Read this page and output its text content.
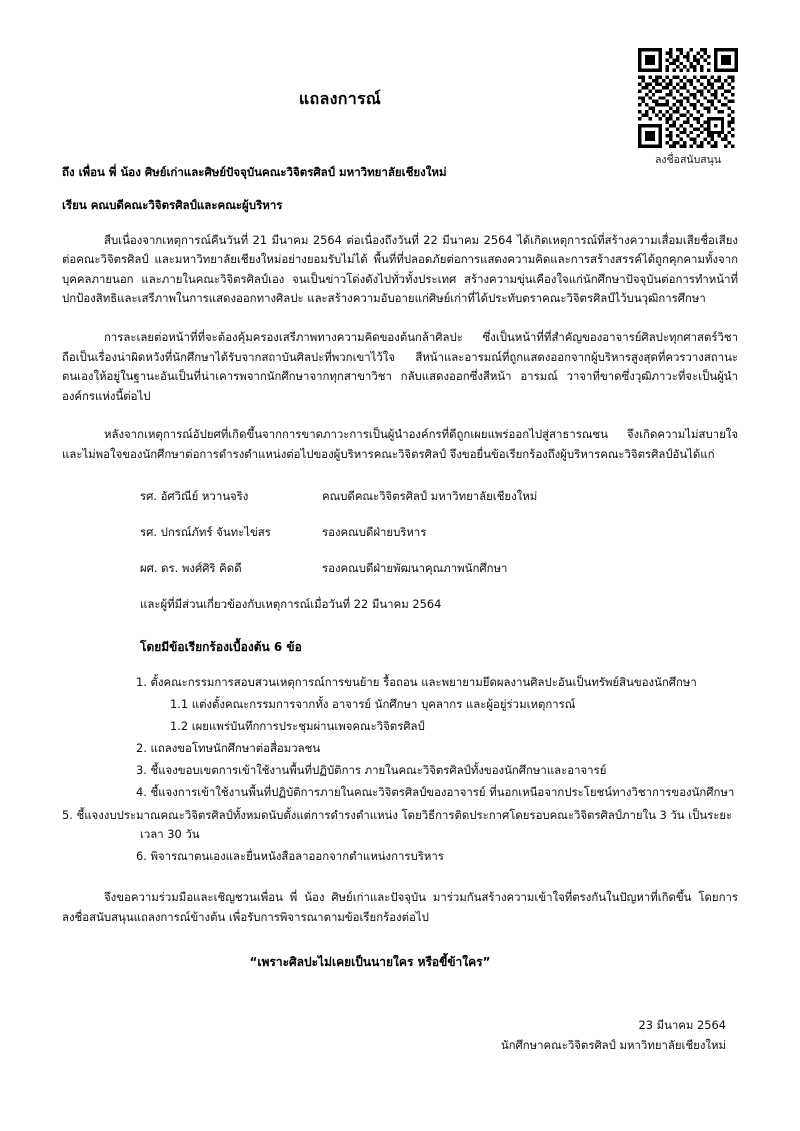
ลงชื่อสนับสนุน
แถลงการณ์

ถึง เพื่อน พี่ น้อง ศิษย์เก่าและศิษย์ปัจจุบันคณะวิจิตรศิลป์ มหาวิทยาลัยเชียงใหม่

เรียน คณบดีคณะวิจิตรศิลป์และคณะผู้บริหาร

สืบเนื่องจากเหตุการณ์คืนวันที่ 21 มีนาคม 2564 ต่อเนื่องถึงวันที่ 22 มีนาคม 2564 ได้เกิดเหตุการณ์ที่สร้างความเสื่อมเสียชื่อเสียงต่อคณะวิจิตรศิลป์ และมหาวิทยาลัยเชียงใหม่อย่างยอมรับไม่ได้ พื้นที่ที่ปลอดภัยต่อการแสดงความคิดและการสร้างสรรค์ได้ถูกคุกคามทั้งจากบุคคลภายนอก และภายในคณะวิจิตรศิลป์เอง จนเป็นข่าวโด่งดังไปทั่วทั้งประเทศ สร้างความขุ่นเคืองใจแก่นักศึกษาปัจจุบันต่อการทำหน้าที่ปกป้องสิทธิและเสรีภาพในการแสดงออกทางศิลปะ และสร้างความอับอายแก่ศิษย์เก่าที่ได้ประทับตราคณะวิจิตรศิลป์ไว้บนวุฒิการศึกษา

การละเลยต่อหน้าที่ที่จะต้องคุ้มครองเสรีภาพทางความคิดของต้นกล้าศิลปะ ซึ่งเป็นหน้าที่ที่สำคัญของอาจารย์ศิลปะทุกศาสตร์วิชา ถือเป็นเรื่องน่าผิดหวังที่นักศึกษาได้รับจากสถาบันศิลปะที่พวกเขาไว้ใจ สีหน้าและอารมณ์ที่ถูกแสดงออกจากผู้บริหารสูงสุดที่ควรวางสถานะตนเองให้อยู่ในฐานะอันเป็นที่น่าเคารพจากนักศึกษาจากทุกสาขาวิชา กลับแสดงออกซึ่งสีหน้า อารมณ์ วาจาที่ขาดซึ่งวุฒิภาวะที่จะเป็นผู้นำองค์กรแห่งนี้ต่อไป

หลังจากเหตุการณ์อัปยศที่เกิดขึ้นจากการขาดภาวะการเป็นผู้นำองค์กรที่ดีถูกเผยแพร่ออกไปสู่สาธารณชน จึงเกิดความไม่สบายใจและไม่พอใจของนักศึกษาต่อการดำรงตำแหน่งต่อไปของผู้บริหารคณะวิจิตรศิลป์ จึงขอยื่นข้อเรียกร้องถึงผู้บริหารคณะวิจิตรศิลป์อันได้แก่

รศ. อัศวิณีย์ หวานจริง	คณบดีคณะวิจิตรศิลป์ มหาวิทยาลัยเชียงใหม่
รศ. ปกรณ์ภัทร์ จันทะไข่สร	รองคณบดีฝ่ายบริหาร
ผศ. ดร. พงศ์ศิริ คิดดี	รองคณบดีฝ่ายพัฒนาคุณภาพนักศึกษา

และผู้ที่มีส่วนเกี่ยวข้องกับเหตุการณ์เมื่อวันที่ 22 มีนาคม 2564

โดยมีข้อเรียกร้องเบื้องต้น 6 ข้อ

1. ตั้งคณะกรรมการสอบสวนเหตุการณ์การขนย้าย รื้อถอน และพยายามยึดผลงานศิลปะอันเป็นทรัพย์สินของนักศึกษา

1.1 แต่งตั้งคณะกรรมการจากทั้ง อาจารย์ นักศึกษา บุคลากร และผู้อยู่ร่วมเหตุการณ์

1.2 เผยแพร่บันทึกการประชุมผ่านเพจคณะวิจิตรศิลป์

2. แถลงขอโทษนักศึกษาต่อสื่อมวลชน

3. ชี้แจงขอบเขตการเข้าใช้งานพื้นที่ปฏิบัติการ ภายในคณะวิจิตรศิลป์ทั้งของนักศึกษาและอาจารย์

4. ชี้แจงการเข้าใช้งานพื้นที่ปฏิบัติการภายในคณะวิจิตรศิลป์ของอาจารย์ ที่นอกเหนือจากประโยชน์ทางวิชาการของนักศึกษา

5. ชี้แจงงบประมาณคณะวิจิตรศิลป์ทั้งหมดนับตั้งแต่การดำรงตำแหน่ง โดยวิธีการติดประกาศโดยรอบคณะวิจิตรศิลป์ภายใน 3 วัน เป็นระยะเวลา 30 วัน

6. พิจารณาตนเองและยื่นหนังสือลาออกจากตำแหน่งการบริหาร

จึงขอความร่วมมือและเชิญชวนเพื่อน พี่ น้อง ศิษย์เก่าและปัจจุบัน มาร่วมกันสร้างความเข้าใจที่ตรงกันในปัญหาที่เกิดขึ้น โดยการลงชื่อสนับสนุนแถลงการณ์ข้างต้น เพื่อรับการพิจารณาตามข้อเรียกร้องต่อไป

“เพราะศิลปะไม่เคยเป็นนายใคร หรือขี้ข้าใคร”

23 มีนาคม 2564
นักศึกษาคณะวิจิตรศิลป์ มหาวิทยาลัยเชียงใหม่
